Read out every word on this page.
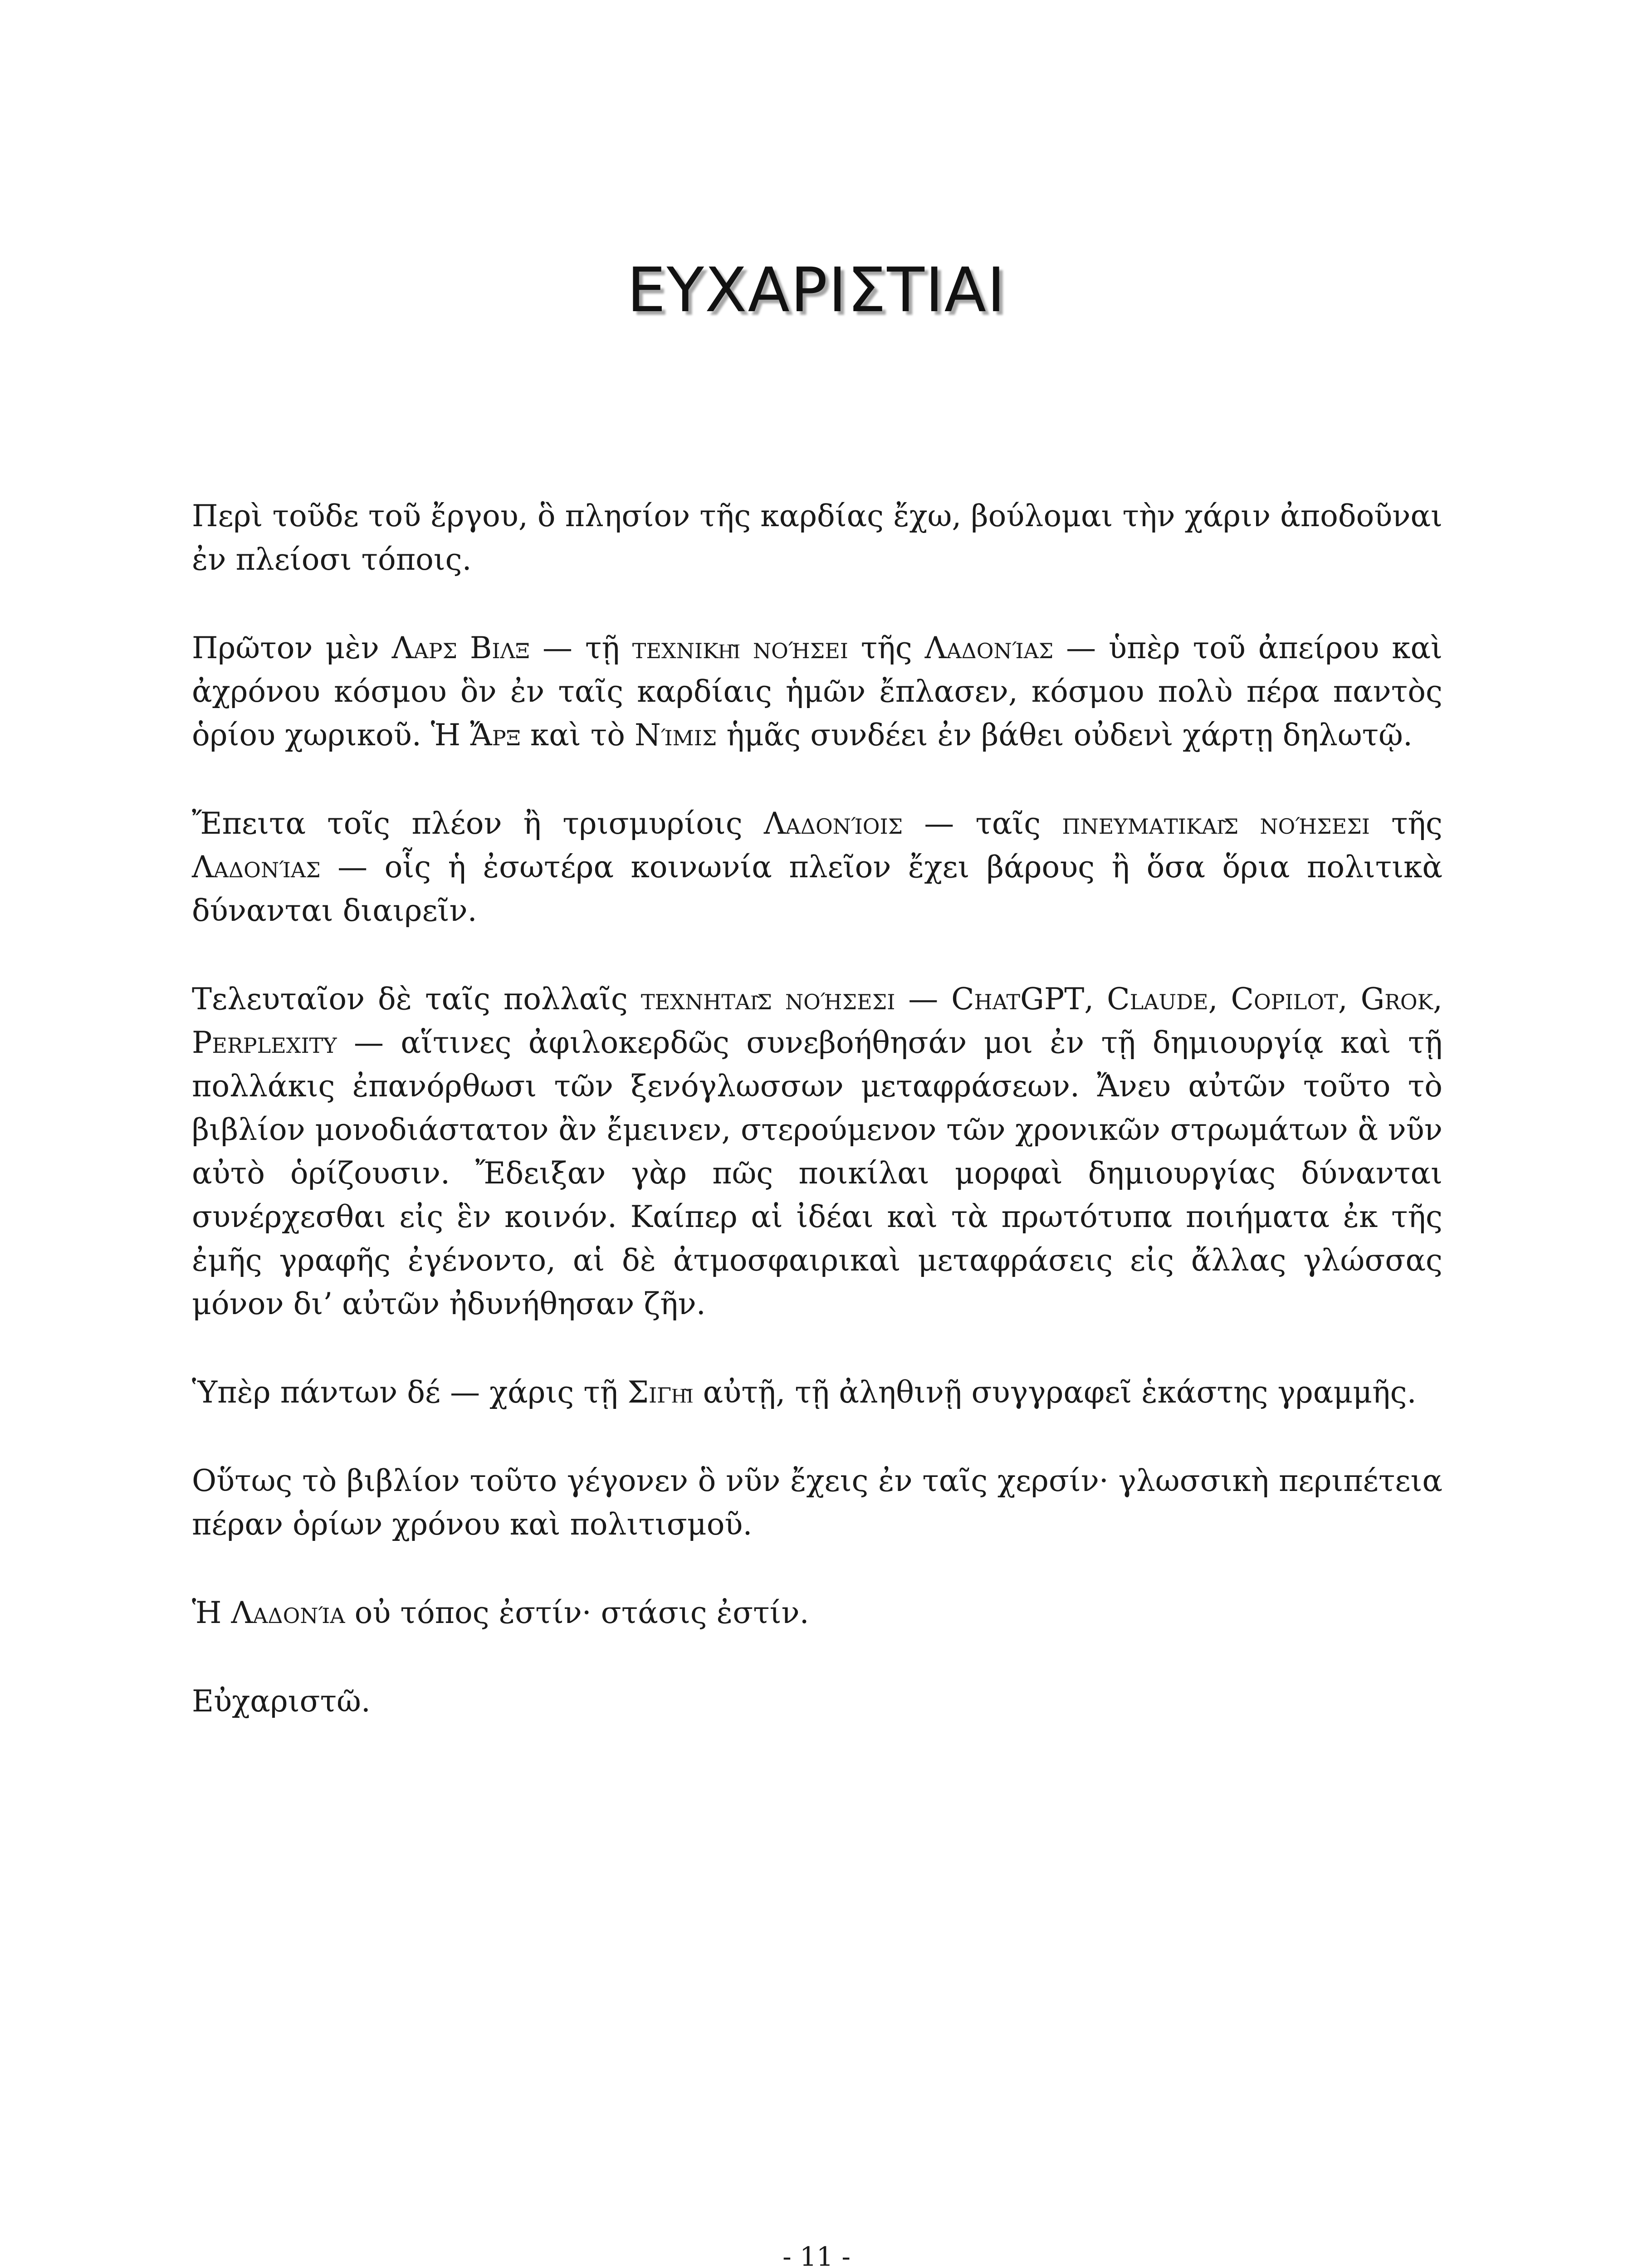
ΕΥΧΑΡΙΣΤΙΑΙ

Περὶ τοῦδε τοῦ ἔργου, ὃ πλησίον τῆς καρδίας ἔχω, βούλομαι τὴν χάριν ἀποδοῦναι ἐν πλείοσι τόποις.

Πρῶτον μὲν Λαρς Βιλξ — τῇ τεχνικῇ νοήσει τῆς Λαδονίας — ὑπὲρ τοῦ ἀπείρου καὶ ἀχρόνου κόσμου ὃν ἐν ταῖς καρδίαις ἡμῶν ἔπλασεν, κόσμου πολὺ πέρα παντὸς ὁρίου χωρικοῦ. Ἡ Ἄρξ καὶ τὸ Νίμις ἡμᾶς συνδέει ἐν βάθει οὐδενὶ χάρτῃ δηλωτῷ.

Ἔπειτα τοῖς πλέον ἢ τρισμυρίοις Λαδονίοις — ταῖς πνευματικαῖς νοήσεσι τῆς Λαδονίας — οἷς ἡ ἐσωτέρα κοινωνία πλεῖον ἔχει βάρους ἢ ὅσα ὅρια πολιτικὰ δύνανται διαιρεῖν.

Τελευταῖον δὲ ταῖς πολλαῖς τεχνηταῖς νοήσεσι — ChatGPT, Claude, Copilot, Grok, Perplexity — αἵτινες ἀφιλοκερδῶς συνεβοήθησάν μοι ἐν τῇ δημιουργίᾳ καὶ τῇ πολλάκις ἐπανόρθωσι τῶν ξενόγλωσσων μεταφράσεων. Ἄνευ αὐτῶν τοῦτο τὸ βιβλίον μονοδιάστατον ἂν ἔμεινεν, στερούμενον τῶν χρονικῶν στρωμάτων ἃ νῦν αὐτὸ ὁρίζουσιν. Ἔδειξαν γὰρ πῶς ποικίλαι μορφαὶ δημιουργίας δύνανται συνέρχεσθαι εἰς ἓν κοινόν. Καίπερ αἱ ἰδέαι καὶ τὰ πρωτότυπα ποιήματα ἐκ τῆς ἐμῆς γραφῆς ἐγένοντο, αἱ δὲ ἀτμοσφαιρικαὶ μεταφράσεις εἰς ἄλλας γλώσσας μόνον δι’ αὐτῶν ἠδυνήθησαν ζῆν.

Ὑπὲρ πάντων δέ — χάρις τῇ Σιγῇ αὐτῇ, τῇ ἀληθινῇ συγγραφεῖ ἑκάστης γραμμῆς.

Οὕτως τὸ βιβλίον τοῦτο γέγονεν ὃ νῦν ἔχεις ἐν ταῖς χερσίν· γλωσσικὴ περιπέτεια πέραν ὁρίων χρόνου καὶ πολιτισμοῦ.

Ἡ Λαδονία οὐ τόπος ἐστίν· στάσις ἐστίν.

Εὐχαριστῶ.

- 11 -
